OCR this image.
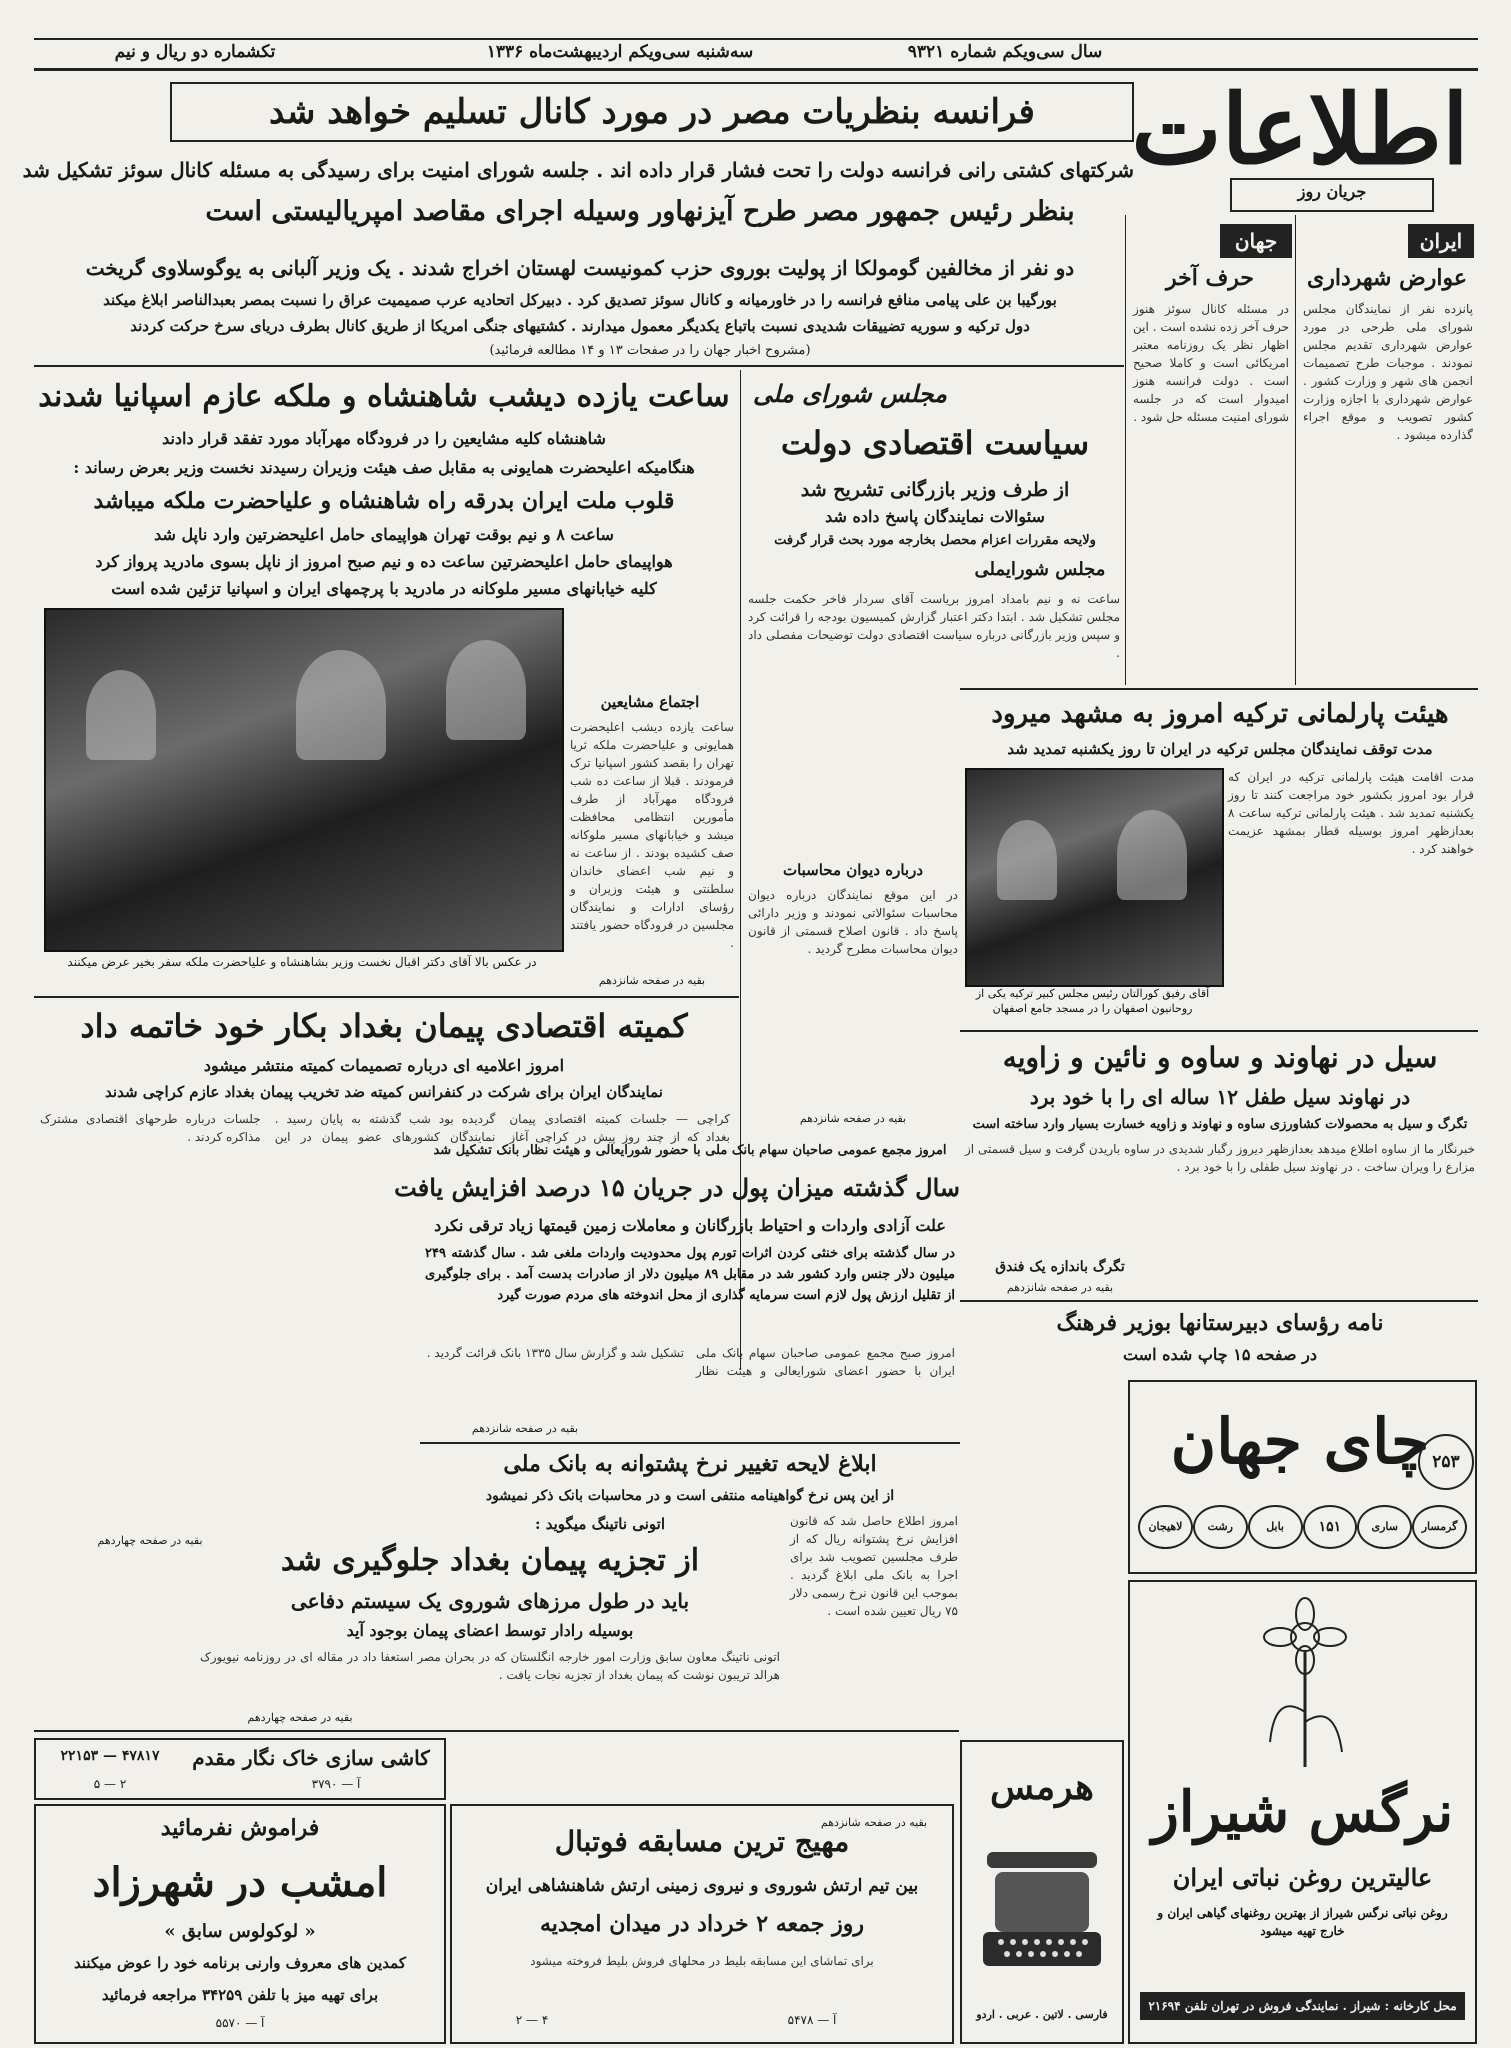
سال سی‌ویکم شماره ۹۳۲۱
سه‌شنبه سی‌ویکم اردیبهشت‌ماه ۱۳۳۶
تکشماره دو ریال و نیم
اطلاعات
جریان روز
فرانسه بنظریات مصر در مورد کانال تسلیم خواهد شد
شرکتهای کشتی رانی فرانسه دولت را تحت فشار قرار داده اند . جلسه شورای امنیت برای رسیدگی به مسئله کانال سوئز تشکیل شد
بنظر رئیس جمهور مصر طرح آیزنهاور وسیله اجرای مقاصد امپریالیستی است
دو نفر از مخالفین گومولکا از پولیت بوروی حزب کمونیست لهستان اخراج شدند . یک وزیر آلبانی به یوگوسلاوی گریخت
بورگیبا بن علی پیامی منافع فرانسه را در خاورمیانه و کانال سوئز تصدیق کرد . دبیرکل اتحادیه عرب صمیمیت عراق را نسبت بمصر بعبدالناصر ابلاغ میکند
دول ترکیه و سوریه تضییقات شدیدی نسبت باتباع یکدیگر معمول میدارند . کشتیهای جنگی امریکا از طریق کانال بطرف دریای سرخ حرکت کردند
(مشروح اخبار جهان را در صفحات ۱۳ و ۱۴ مطالعه فرمائید)
ایران
عوارض شهرداری
پانزده نفر از نمایندگان مجلس شورای ملی طرحی در مورد عوارض شهرداری تقدیم مجلس نمودند . موجبات طرح تصمیمات انجمن های شهر و وزارت کشور . عوارض شهرداری با اجازه وزارت کشور تصویب و موقع اجراء گذارده میشود .
جهان
حرف آخر
در مسئله کانال سوئز هنوز حرف آخر زده نشده است . این اظهار نظر یک روزنامه معتبر امریکائی است و کاملا صحیح است . دولت فرانسه هنوز امیدوار است که در جلسه شورای امنیت مسئله حل شود .
ساعت یازده دیشب شاهنشاه و ملکه عازم اسپانیا شدند
شاهنشاه کلیه مشایعین را در فرودگاه مهرآباد مورد تفقد قرار دادند
هنگامیکه اعلیحضرت همایونی به مقابل صف هیئت وزیران رسیدند نخست وزیر بعرض رساند :
قلوب ملت ایران بدرقه راه شاهنشاه و علیاحضرت ملکه میباشد
ساعت ۸ و نیم بوقت تهران هواپیمای حامل اعلیحضرتین وارد ناپل شد
هواپیمای حامل اعلیحضرتین ساعت ده و نیم صبح امروز از ناپل بسوی مادرید پرواز کرد
کلیه خیابانهای مسیر ملوکانه در مادرید با پرچمهای ایران و اسپانیا تزئین شده است
در عکس بالا آقای دکتر اقبال نخست وزیر بشاهنشاه و علیاحضرت ملکه سفر بخیر عرض میکنند
اجتماع مشایعین
ساعت یازده دیشب اعلیحضرت همایونی و علیاحضرت ملکه ثریا تهران را بقصد کشور اسپانیا ترک فرمودند . قبلا از ساعت ده شب فرودگاه مهرآباد از طرف مأمورین انتظامی محافظت میشد و خیابانهای مسیر ملوکانه صف کشیده بودند . از ساعت نه و نیم شب اعضای خاندان سلطنتی و هیئت وزیران و رؤسای ادارات و نمایندگان مجلسین در فرودگاه حضور یافتند .
بقیه در صفحه شانزدهم
مجلس شورای ملی
سیاست اقتصادی دولت
از طرف وزیر بازرگانی تشریح شد
سئوالات نمایندگان پاسخ داده شد
ولایحه مقررات اعزام محصل بخارجه مورد بحث قرار گرفت
مجلس شورایملی
ساعت نه و نیم بامداد امروز بریاست آقای سردار فاخر حکمت جلسه مجلس تشکیل شد . ابتدا دکتر اعتبار گزارش کمیسیون بودجه را قرائت کرد و سپس وزیر بازرگانی درباره سیاست اقتصادی دولت توضیحات مفصلی داد .
درباره دیوان محاسبات
در این موقع نمایندگان درباره دیوان محاسبات سئوالاتی نمودند و وزیر دارائی پاسخ داد . قانون اصلاح قسمتی از قانون دیوان محاسبات مطرح گردید .
بقیه در صفحه شانزدهم
هیئت پارلمانی ترکیه امروز به مشهد میرود
مدت توقف نمایندگان مجلس ترکیه در ایران تا روز یکشنبه تمدید شد
مدت اقامت هیئت پارلمانی ترکیه در ایران که قرار بود امروز بکشور خود مراجعت کنند تا روز یکشنبه تمدید شد . هیئت پارلمانی ترکیه ساعت ۸ بعدازظهر امروز بوسیله قطار بمشهد عزیمت خواهند کرد .
آقای رفیق کورالتان رئیس مجلس کبیر ترکیه یکی از روحانیون اصفهان را در مسجد جامع اصفهان
سیل در نهاوند و ساوه و نائین و زاویه
در نهاوند سیل طفل ۱۲ ساله ای را با خود برد
تگرگ و سیل به محصولات کشاورزی ساوه و نهاوند و زاویه خسارت بسیار وارد ساخته است
خبرنگار ما از ساوه اطلاع میدهد بعدازظهر دیروز رگبار شدیدی در ساوه باریدن گرفت و سیل قسمتی از مزارع را ویران ساخت . در نهاوند سیل طفلی را با خود برد .
تگرگ باندازه یک فندق
بقیه در صفحه شانزدهم
نامه رؤسای دبیرستانها بوزیر فرهنگ
در صفحه ۱۵ چاپ شده است
کمیته اقتصادی پیمان بغداد بکار خود خاتمه داد
امروز اعلامیه ای درباره تصمیمات کمیته منتشر میشود
نمایندگان ایران برای شرکت در کنفرانس کمیته ضد تخریب پیمان بغداد عازم کراچی شدند
کراچی — جلسات کمیته اقتصادی پیمان بغداد که از چند روز پیش در کراچی آغاز گردیده بود شب گذشته به پایان رسید . نمایندگان کشورهای عضو پیمان در این جلسات درباره طرحهای اقتصادی مشترک مذاکره کردند .
بقیه در صفحه چهاردهم
امروز مجمع عمومی صاحبان سهام بانک ملی با حضور شورایعالی و هیئت نظار بانک تشکیل شد
سال گذشته میزان پول در جریان ۱۵ درصد افزایش یافت
علت آزادی واردات و احتیاط بازرگانان و معاملات زمین قیمتها زیاد ترقی نکرد
در سال گذشته برای خنثی کردن اثرات تورم پول محدودیت واردات ملغی شد . سال گذشته ۲۴۹ میلیون دلار جنس وارد کشور شد در مقابل ۸۹ میلیون دلار از صادرات بدست آمد . برای جلوگیری از تقلیل ارزش پول لازم است سرمایه گذاری از محل اندوخته های مردم صورت گیرد
امروز صبح مجمع عمومی صاحبان سهام بانک ملی ایران با حضور اعضای شورایعالی و هیئت نظار تشکیل شد و گزارش سال ۱۳۳۵ بانک قرائت گردید .
بقیه در صفحه شانزدهم
ابلاغ لایحه تغییر نرخ پشتوانه به بانک ملی
از این پس نرخ گواهینامه منتفی است و در محاسبات بانک ذکر نمیشود
امروز اطلاع حاصل شد که قانون افزایش نرخ پشتوانه ریال که از طرف مجلسین تصویب شد برای اجرا به بانک ملی ابلاغ گردید . بموجب این قانون نرخ رسمی دلار ۷۵ ریال تعیین شده است .
بقیه در صفحه شانزدهم
اتونی ناتینگ میگوید :
از تجزیه پیمان بغداد جلوگیری شد
باید در طول مرزهای شوروی یک سیستم دفاعی
بوسیله رادار توسط اعضای پیمان بوجود آید
اتونی ناتینگ معاون سابق وزارت امور خارجه انگلستان که در بحران مصر استعفا داد در مقاله ای در روزنامه نیویورک هرالد تریبون نوشت که پیمان بغداد از تجزیه نجات یافت .
بقیه در صفحه چهاردهم
چای جهان ۲۵۳
گرمسار
ساری
۱۵۱
بابل
رشت
لاهیجان
نرگس شیراز
عالیترین روغن نباتی ایران
روغن نباتی نرگس شیراز از بهترین روغنهای گیاهی ایران و خارج تهیه میشود
محل کارخانه : شیراز . نمایندگی فروش در تهران تلفن ۲۱۶۹۴
هرمس
فارسی . لاتین . عربی . اردو
کاشی سازی خاک نگار مقدم
۴۷۸۱۷ — ۲۲۱۵۳
آ — ۳۷۹۰
۲ — ۵
فراموش نفرمائید
امشب در شهرزاد
« لوکولوس سابق »
کمدین های معروف وارنی برنامه خود را عوض میکنند
برای تهیه میز با تلفن ۳۴۲۵۹ مراجعه فرمائید
آ — ۵۵۷۰
مهیج ترین مسابقه فوتبال
بین تیم ارتش شوروی و نیروی زمینی ارتش شاهنشاهی ایران
روز جمعه ۲ خرداد در میدان امجدیه
برای تماشای این مسابقه بلیط در محلهای فروش بلیط فروخته میشود
آ — ۵۴۷۸
۴ — ۲
